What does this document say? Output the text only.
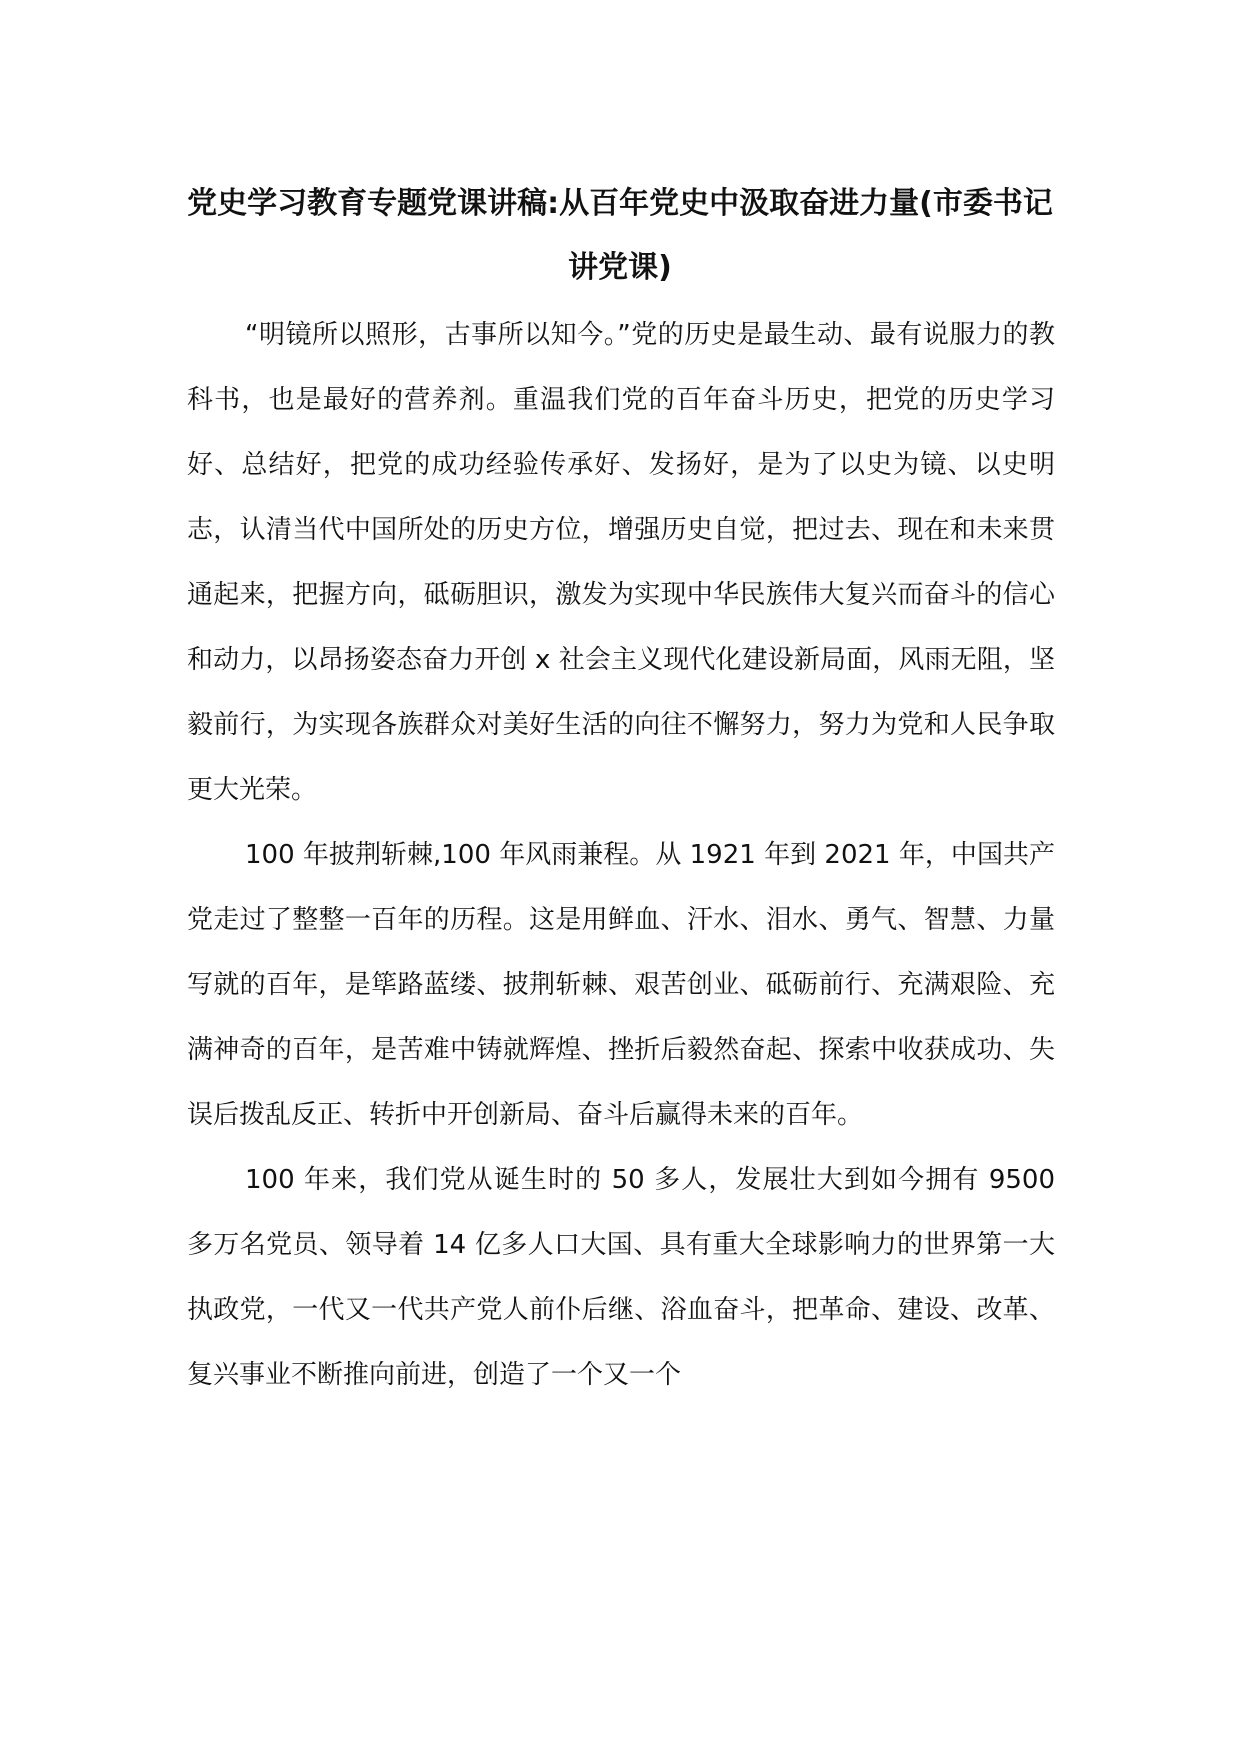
党史学习教育专题党课讲稿:从百年党史中汲取奋进力量(市委书记讲党课)

“明镜所以照形，古事所以知今。”党的历史是最生动、最有说服力的教科书，也是最好的营养剂。重温我们党的百年奋斗历史，把党的历史学习好、总结好，把党的成功经验传承好、发扬好，是为了以史为镜、以史明志，认清当代中国所处的历史方位，增强历史自觉，把过去、现在和未来贯通起来，把握方向，砥砺胆识，激发为实现中华民族伟大复兴而奋斗的信心和动力，以昂扬姿态奋力开创 x 社会主义现代化建设新局面，风雨无阻，坚毅前行，为实现各族群众对美好生活的向往不懈努力，努力为党和人民争取更大光荣。

100 年披荆斩棘,100 年风雨兼程。从 1921 年到 2021 年，中国共产党走过了整整一百年的历程。这是用鲜血、汗水、泪水、勇气、智慧、力量写就的百年，是筚路蓝缕、披荆斩棘、艰苦创业、砥砺前行、充满艰险、充满神奇的百年，是苦难中铸就辉煌、挫折后毅然奋起、探索中收获成功、失误后拨乱反正、转折中开创新局、奋斗后赢得未来的百年。

100 年来，我们党从诞生时的 50 多人，发展壮大到如今拥有 9500 多万名党员、领导着 14 亿多人口大国、具有重大全球影响力的世界第一大执政党，一代又一代共产党人前仆后继、浴血奋斗，把革命、建设、改革、复兴事业不断推向前进，创造了一个又一个
